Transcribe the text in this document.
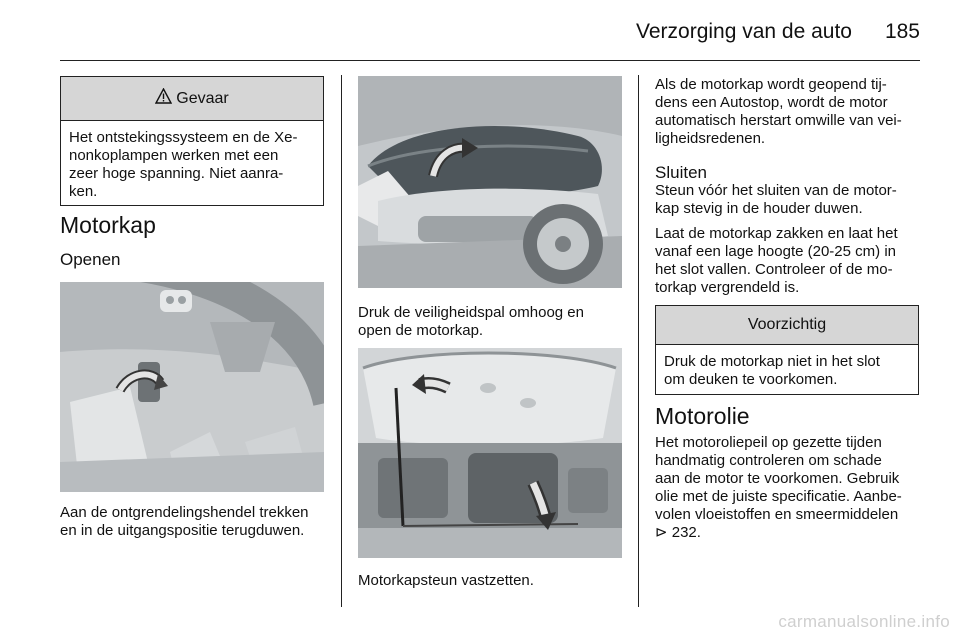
Verzorging van de auto	185
Gevaar
Het ontstekingssysteem en de Xe-
nonkoplampen werken met een
zeer hoge spanning. Niet aanra-
ken.
Motorkap
Openen
Aan de ontgrendelingshendel trekken
en in de uitgangspositie terugduwen.
Druk de veiligheidspal omhoog en
open de motorkap.
Motorkapsteun vastzetten.
Als de motorkap wordt geopend tij-
dens een Autostop, wordt de motor
automatisch herstart omwille van vei-
ligheidsredenen.
Sluiten
Steun vóór het sluiten van de motor-
kap stevig in de houder duwen.
Laat de motorkap zakken en laat het
vanaf een lage hoogte (20-25 cm) in
het slot vallen. Controleer of de mo-
torkap vergrendeld is.
Voorzichtig
Druk de motorkap niet in het slot
om deuken te voorkomen.
Motorolie
Het motoroliepeil op gezette tijden
handmatig controleren om schade
aan de motor te voorkomen. Gebruik
olie met de juiste specificatie. Aanbe-
volen vloeistoffen en smeermiddelen
⊳ 232.
carmanualsonline.info
